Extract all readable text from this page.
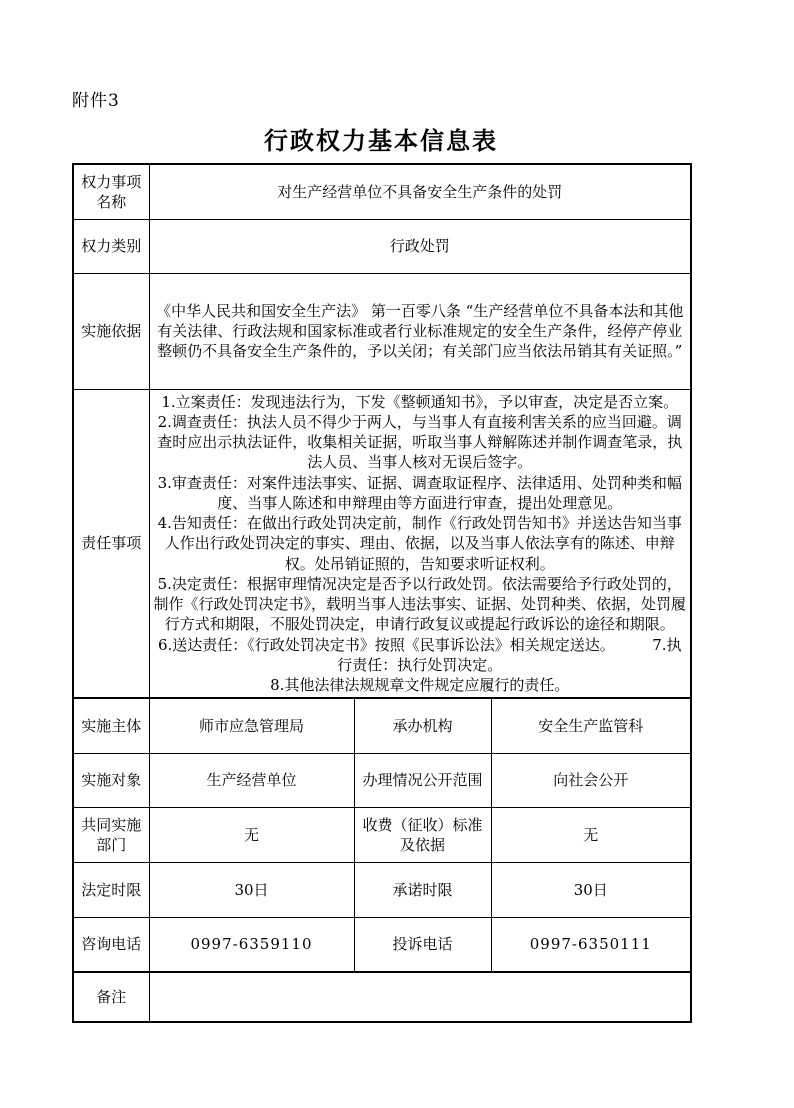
附件3
行政权力基本信息表
权力事项名称	对生产经营单位不具备安全生产条件的处罚		
权力类别	行政处罚		
实施依据	《中华人民共和国安全生产法》 第一百零八条 “生产经营单位不具备本法和其他有关法律、行政法规和国家标准或者行业标准规定的安全生产条件，经停产停业整顿仍不具备安全生产条件的，予以关闭；有关部门应当依法吊销其有关证照。”		
责任事项	1.立案责任：发现违法行为，下发《整顿通知书》，予以审查，决定是否立案。
2.调查责任：执法人员不得少于两人，与当事人有直接利害关系的应当回避。调查时应出示执法证件，收集相关证据，听取当事人辩解陈述并制作调查笔录，执法人员、当事人核对无误后签字。
3.审查责任：对案件违法事实、证据、调查取证程序、法律适用、处罚种类和幅度、当事人陈述和申辩理由等方面进行审查，提出处理意见。
4.告知责任：在做出行政处罚决定前，制作《行政处罚告知书》并送达告知当事人作出行政处罚决定的事实、理由、依据，以及当事人依法享有的陈述、申辩权。处吊销证照的，告知要求听证权利。
5.决定责任：根据审理情况决定是否予以行政处罚。依法需要给予行政处罚的，制作《行政处罚决定书》，载明当事人违法事实、证据、处罚种类、依据，处罚履行方式和期限，不服处罚决定，申请行政复议或提起行政诉讼的途径和期限。
6.送达责任：《行政处罚决定书》按照《民事诉讼法》相关规定送达。　　　7.执行责任：执行处罚决定。
8.其他法律法规规章文件规定应履行的责任。
实施主体	师市应急管理局	承办机构	安全生产监管科
实施对象	生产经营单位	办理情况公开范围	向社会公开
共同实施部门	无	收费（征收）标准及依据	无
法定时限	30日	承诺时限	30日
咨询电话	0997-6359110	投诉电话	0997-6350111
备注			
